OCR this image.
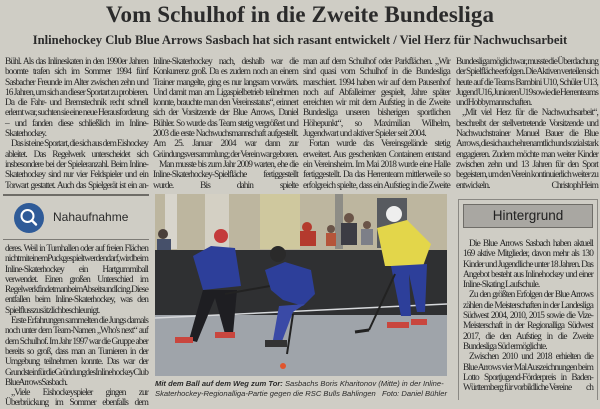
Vom Schulhof in die Zweite Bundesliga
Inlinehockey Club Blue Arrows Sasbach hat sich rasant entwickelt / Viel Herz für Nachwuchsarbeit

Bühl. Als das Inlineskaten in den 1990er Jahren boomte trafen sich im Sommer 1994 fünf Sasbacher Freunde im Alter zwischen zehn und 16 Jahren, um sich an dieser Sportart zu probieren. Da die Fahr- und Bremstechnik recht schnell erlernt war, suchten sie eine neue Herausforderung – und fanden diese schließlich im Inline-Skaterhockey.

Das ist eine Sportart, die sich aus dem Eishockey ableitet. Das Regelwerk unterscheidet sich insbesondere bei der Spieleranzahl. Beim Inline-Skaterhockey sind nur vier Feldspieler und ein Torwart gestattet. Auch das Spielgerät ist ein an-

Nahaufnahme

deres. Weil in Turnhallen oder auf freien Flächen nicht mit einem Puck gespielt werden darf, wird beim Inline-Skaterhockey ein Hartgummiball verwendet. Einen großen Unterschied im Regelwerk findet man beim Abseits und Icing. Diese entfallen beim Inline-Skaterhockey, was den Spielfluss zusätzlich beschleunigt.

Erste Erfahrungen sammelten die Jungs damals noch unter dem Team-Namen „Who's next“ auf dem Schulhof. Im Jahr 1997 war die Gruppe aber bereits so groß, dass man an Turnieren in der Umgebung teilnehmen konnte. Das war der Grundstein für die Gründung des Inlinehockey Club Blue Arrows Sasbach.

„Viele Eishockeyspieler gingen zur Überbrückung im Sommer ebenfalls dem

Inline-Skaterhockey nach, deshalb war die Konkurrenz groß. Da es zudem noch an einem Trainer mangelte, ging es nur langsam vorwärts. Und damit man am Ligaspielbetrieb teilnehmen konnte, brauchte man den Vereinsstatus“, erinnert sich der Vorsitzende der Blue Arrows, Daniel Bühler. So wurde das Team stetig vergrößert und 2003 die erste Nachwuchsmannschaft aufgestellt. Am 25. Januar 2004 war dann zur Gründungsversammlung; der Verein war geboren.

Man musste bis zum Jahr 2009 warten, ehe die Inline-Skaterhockey-Spielfläche fertiggestellt wurde. Bis dahin spielte

man auf dem Schulhof oder Parkflächen. „Wir sind quasi vom Schulhof in die Bundesliga marschiert. 1994 haben wir auf dem Pausenhof noch auf Abfalleimer gespielt, Jahre später erreichten wir mit dem Aufstieg in die Zweite Bundesliga unseren bisherigen sportlichen Höhepunkt“, so Maximilian Wilhelm, Jugendwart und aktiver Spieler seit 2004.

Fortan wurde das Vereinsgelände stetig erweitert. Aus geschenkten Containern entstand ein Vereinsheim. Im Mai 2018 wurde eine Halle fertiggestellt. Da das Herrenteam mittlerweile so erfolgreich spielte, dass ein Aufstieg in die Zweite

Bundesliga möglich war, musste die Überdachung der Spielfläche erfolgen. Die Aktiven verteilen sich heute auf die Teams Bambini U10, Schüler U13, Jugend U16, Junioren U19 sowie die Herrenteams und Hobbymannschaften.

„Mit viel Herz für die Nachwuchsarbeit“, beschreibt der stellvertretende Vorsitzende und Nachwuchstrainer Manuel Bauer die Blue Arrows, die sich auch ehrenamtlich und sozial stark engagieren. Zudem möchte man weiter Kinder zwischen zehn und 13 Jahren für den Sport begeistern, um den Verein kontinuierlich weiter zu entwickeln.	Christoph Heim

Hintergrund

Die Blue Arrows Sasbach haben aktuell 169 aktive Mitglieder, davon mehr als 130 Kinder und Jugendliche unter 18 Jahren. Das Angebot besteht aus Inlinehockey und einer Inline-Skating Laufschule.

Zu den größten Erfolgen der Blue Arrows zählen die Meisterschaften in der Landesliga Südwest 2004, 2010, 2015 sowie die Vize-Meisterschaft in der Regionalliga Südwest 2017, die den Aufstieg in die Zweite Bundesliga Süd ermöglichte.

Zwischen 2010 und 2018 erhielten die Blue Arrows vier Mal Auszeichnungen beim Lotto Sportjugend-Förderpreis in Baden-Württemberg für vorbildliche Vereine	ch

Mit dem Ball auf dem Weg zum Tor: Sasbachs Boris Kharitonov (Mitte) in der Inline-Skaterhockey-Regionalliga-Partie gegen die RSC Bulls Bahlingen Foto: Daniel Bühler
